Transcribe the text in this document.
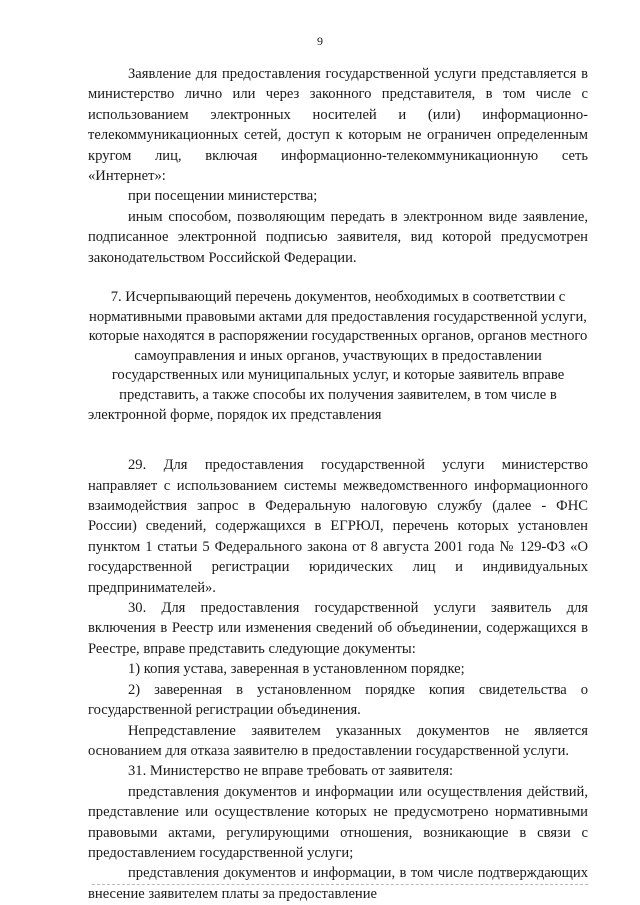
9

Заявление для предоставления государственной услуги представляется в министерство лично или через законного представителя, в том числе с использованием электронных носителей и (или) информационно-телекоммуникационных сетей, доступ к которым не ограничен определенным кругом лиц, включая информационно-телекоммуникационную сеть «Интернет»:

при посещении министерства;

иным способом, позволяющим передать в электронном виде заявление, подписанное электронной подписью заявителя, вид которой предусмотрен законодательством Российской Федерации.

7. Исчерпывающий перечень документов, необходимых в соответствии с нормативными правовыми актами для предоставления государственной услуги, которые находятся в распоряжении государственных органов, органов местного самоуправления и иных органов, участвующих в предоставлении государственных или муниципальных услуг, и которые заявитель вправе представить, а также способы их получения заявителем, в том числе в электронной форме, порядок их представления

29. Для предоставления государственной услуги министерство направляет с использованием системы межведомственного информационного взаимодействия запрос в Федеральную налоговую службу (далее - ФНС России) сведений, содержащихся в ЕГРЮЛ, перечень которых установлен пунктом 1 статьи 5 Федерального закона от 8 августа 2001 года № 129-ФЗ «О государственной регистрации юридических лиц и индивидуальных предпринимателей».

30. Для предоставления государственной услуги заявитель для включения в Реестр или изменения сведений об объединении, содержащихся в Реестре, вправе представить следующие документы:

1) копия устава, заверенная в установленном порядке;

2) заверенная в установленном порядке копия свидетельства о государственной регистрации объединения.

Непредставление заявителем указанных документов не является основанием для отказа заявителю в предоставлении государственной услуги.

31. Министерство не вправе требовать от заявителя:

представления документов и информации или осуществления действий, представление или осуществление которых не предусмотрено нормативными правовыми актами, регулирующими отношения, возникающие в связи с предоставлением государственной услуги;

представления документов и информации, в том числе подтверждающих внесение заявителем платы за предоставление
